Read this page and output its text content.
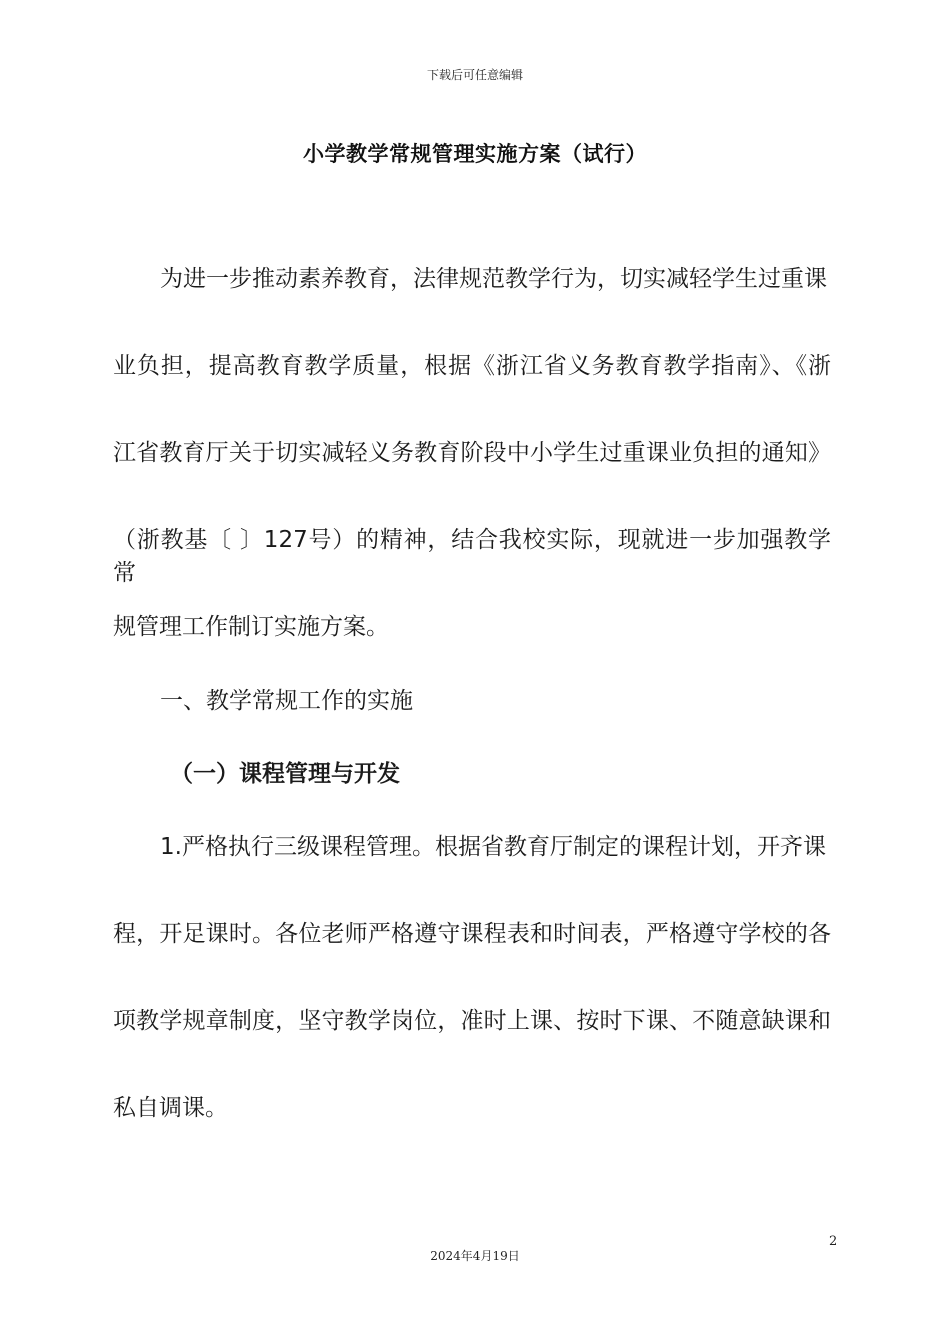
下载后可任意编辑
小学教学常规管理实施方案（试行）
为进一步推动素养教育，法律规范教学行为，切实减轻学生过重课
业负担，提高教育教学质量，根据《浙江省义务教育教学指南》、《浙
江省教育厅关于切实减轻义务教育阶段中小学生过重课业负担的通知》
（浙教基〔 〕127号）的精神，结合我校实际，现就进一步加强教学常
规管理工作制订实施方案。
一、教学常规工作的实施
（一）课程管理与开发
1.严格执行三级课程管理。根据省教育厅制定的课程计划，开齐课
程，开足课时。各位老师严格遵守课程表和时间表，严格遵守学校的各
项教学规章制度，坚守教学岗位，准时上课、按时下课、不随意缺课和
私自调课。
2
2024年4月19日
